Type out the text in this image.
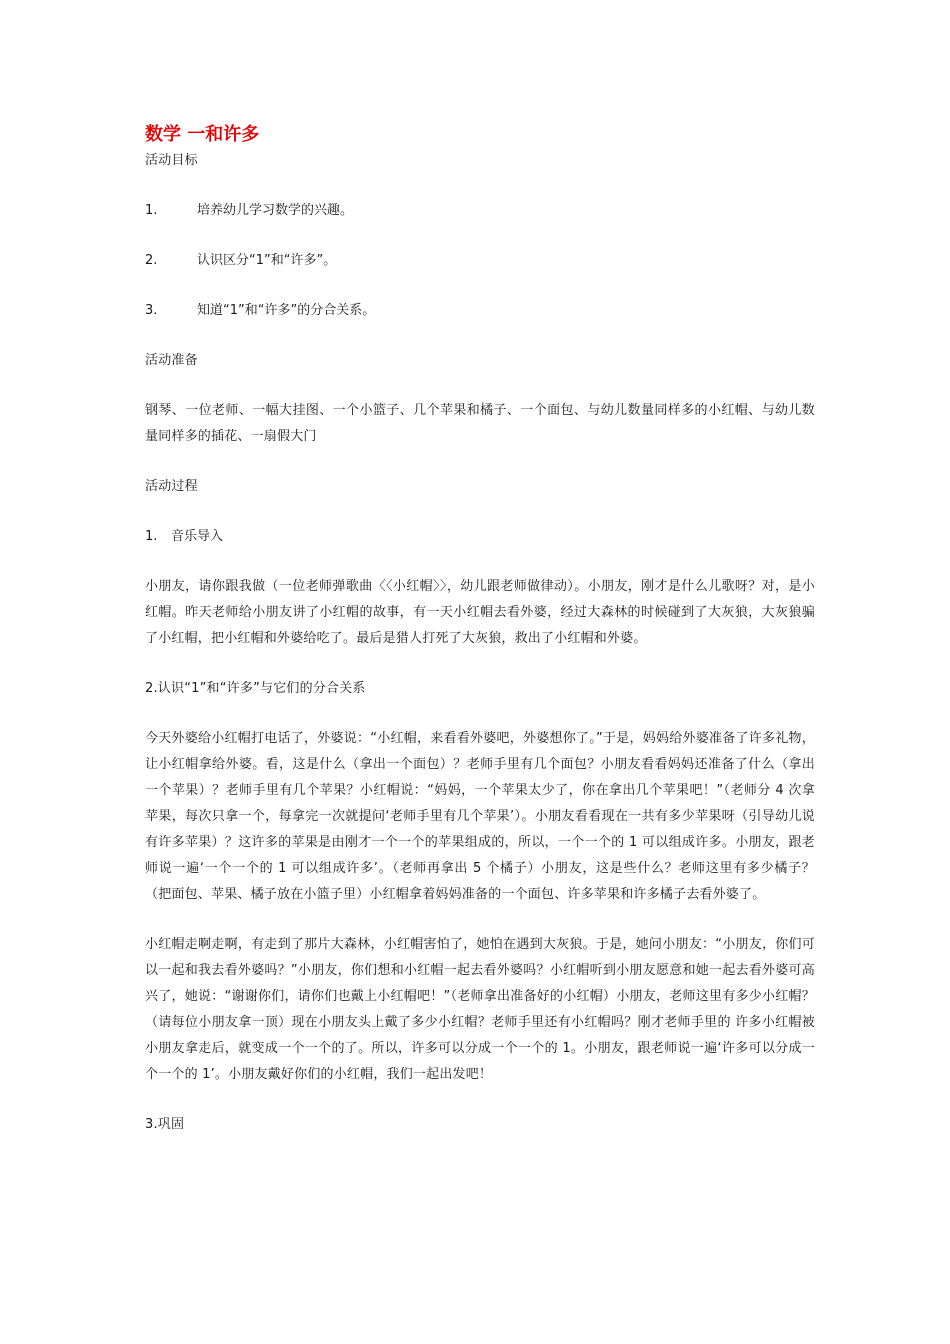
数学 一和许多

活动目标

1.	培养幼儿学习数学的兴趣。
2.	认识区分“1”和“许多”。
3.	知道“1”和“许多”的分合关系。

活动准备

钢琴、一位老师、一幅大挂图、一个小篮子、几个苹果和橘子、一个面包、与幼儿数量同样多的小红帽、与幼儿数量同样多的插花、一扇假大门

活动过程

1.	音乐导入

小朋友，请你跟我做（一位老师弹歌曲〈〈小红帽〉〉，幼儿跟老师做律动）。小朋友，刚才是什么儿歌呀？对，是小红帽。昨天老师给小朋友讲了小红帽的故事，有一天小红帽去看外婆，经过大森林的时候碰到了大灰狼，大灰狼骗了小红帽，把小红帽和外婆给吃了。最后是猎人打死了大灰狼，救出了小红帽和外婆。

2.认识“1”和“许多”与它们的分合关系

今天外婆给小红帽打电话了，外婆说：“小红帽，来看看外婆吧，外婆想你了。”于是，妈妈给外婆准备了许多礼物，让小红帽拿给外婆。看，这是什么（拿出一个面包）？老师手里有几个面包？小朋友看看妈妈还准备了什么（拿出一个苹果）？老师手里有几个苹果？小红帽说：“妈妈，一个苹果太少了，你在拿出几个苹果吧！”（老师分 4 次拿苹果，每次只拿一个，每拿完一次就提问‘老师手里有几个苹果’）。小朋友看看现在一共有多少苹果呀（引导幼儿说有许多苹果）？这许多的苹果是由刚才一个一个的苹果组成的，所以，一个一个的 1 可以组成许多。小朋友，跟老师说一遍‘一个一个的 1 可以组成许多’。（老师再拿出 5 个橘子）小朋友，这是些什么？老师这里有多少橘子？（把面包、苹果、橘子放在小篮子里）小红帽拿着妈妈准备的一个面包、许多苹果和许多橘子去看外婆了。

小红帽走啊走啊，有走到了那片大森林，小红帽害怕了，她怕在遇到大灰狼。于是，她问小朋友：“小朋友，你们可以一起和我去看外婆吗？”小朋友，你们想和小红帽一起去看外婆吗？小红帽听到小朋友愿意和她一起去看外婆可高兴了，她说：“谢谢你们，请你们也戴上小红帽吧！”（老师拿出准备好的小红帽）小朋友，老师这里有多少小红帽？（请每位小朋友拿一顶）现在小朋友头上戴了多少小红帽？老师手里还有小红帽吗？刚才老师手里的 许多小红帽被小朋友拿走后，就变成一个一个的了。所以，许多可以分成一个一个的 1。小朋友，跟老师说一遍‘许多可以分成一个一个的 1’。小朋友戴好你们的小红帽，我们一起出发吧！

3.巩固
